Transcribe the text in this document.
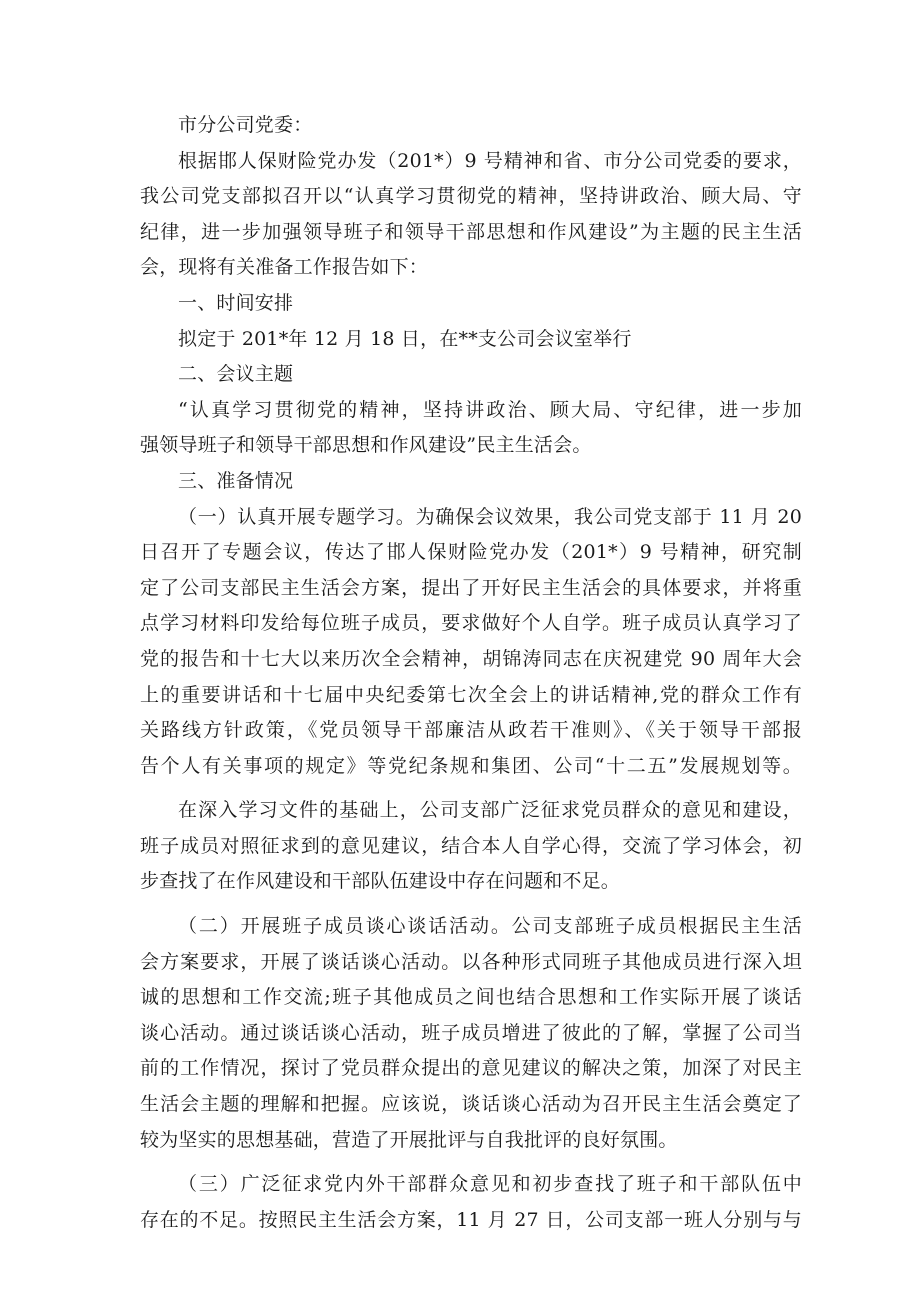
市分公司党委：
根据邯人保财险党办发（201*）9 号精神和省、市分公司党委的要求，
我公司党支部拟召开以“认真学习贯彻党的精神，坚持讲政治、顾大局、守
纪律，进一步加强领导班子和领导干部思想和作风建设”为主题的民主生活
会，现将有关准备工作报告如下：
一、时间安排
拟定于 201*年 12 月 18 日，在**支公司会议室举行
二、会议主题
“认真学习贯彻党的精神，坚持讲政治、顾大局、守纪律，进一步加
强领导班子和领导干部思想和作风建设”民主生活会。
三、准备情况
（一）认真开展专题学习。为确保会议效果，我公司党支部于 11 月 20
日召开了专题会议，传达了邯人保财险党办发（201*）9 号精神，研究制
定了公司支部民主生活会方案，提出了开好民主生活会的具体要求，并将重
点学习材料印发给每位班子成员，要求做好个人自学。班子成员认真学习了
党的报告和十七大以来历次全会精神，胡锦涛同志在庆祝建党 90 周年大会
上的重要讲话和十七届中央纪委第七次全会上的讲话精神,党的群众工作有
关路线方针政策，《党员领导干部廉洁从政若干准则》、《关于领导干部报
告个人有关事项的规定》等党纪条规和集团、公司“十二五”发展规划等。
在深入学习文件的基础上，公司支部广泛征求党员群众的意见和建设，
班子成员对照征求到的意见建议，结合本人自学心得，交流了学习体会，初
步查找了在作风建设和干部队伍建设中存在问题和不足。
（二）开展班子成员谈心谈话活动。公司支部班子成员根据民主生活
会方案要求，开展了谈话谈心活动。以各种形式同班子其他成员进行深入坦
诚的思想和工作交流;班子其他成员之间也结合思想和工作实际开展了谈话
谈心活动。通过谈话谈心活动，班子成员增进了彼此的了解，掌握了公司当
前的工作情况，探讨了党员群众提出的意见建议的解决之策，加深了对民主
生活会主题的理解和把握。应该说，谈话谈心活动为召开民主生活会奠定了
较为坚实的思想基础，营造了开展批评与自我批评的良好氛围。
（三）广泛征求党内外干部群众意见和初步查找了班子和干部队伍中
存在的不足。按照民主生活会方案，11 月 27 日，公司支部一班人分别与与
